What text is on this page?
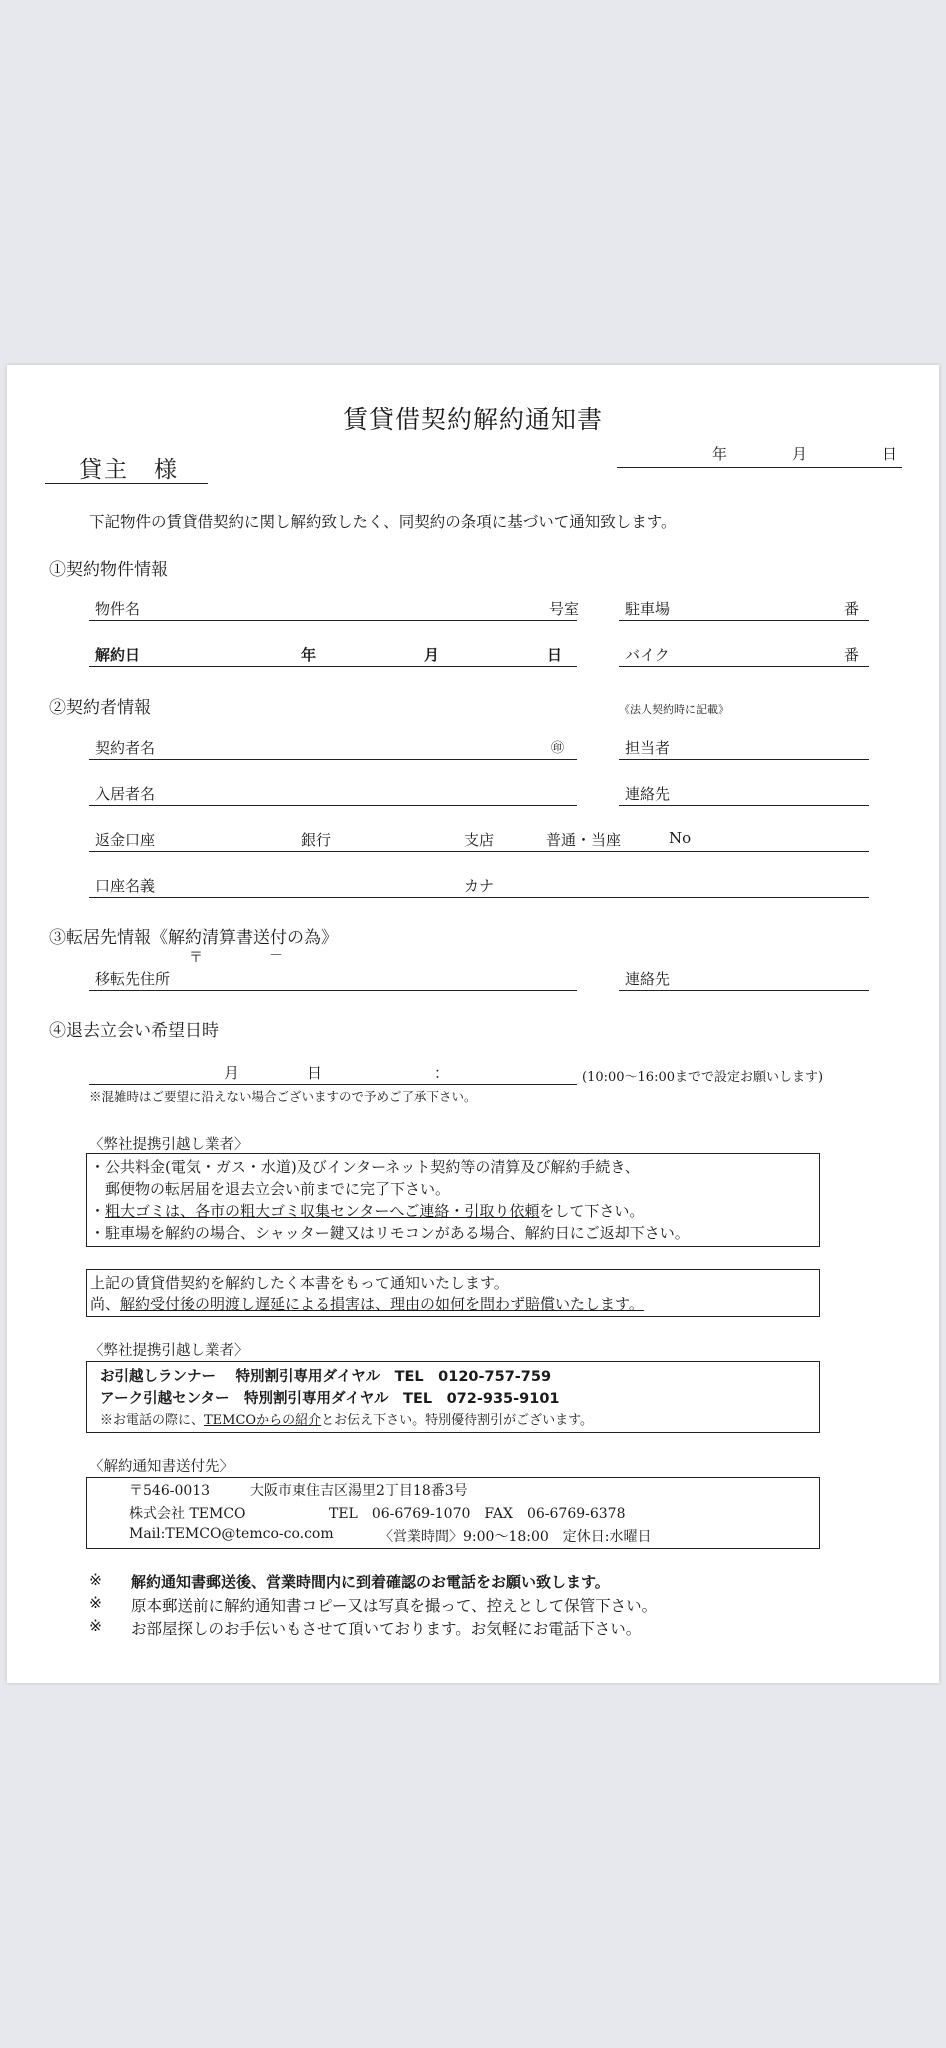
賃貸借契約解約通知書
貸主　様
年	月	日
下記物件の賃貸借契約に関し解約致したく、同契約の条項に基づいて通知致します。
①契約物件情報
物件名	号室	駐車場	番
解約日	年	月	日	バイク	番
②契約者情報	《法人契約時に記載》
契約者名	㊞	担当者
入居者名	連絡先
返金口座	銀行	支店	普通・当座	No
口座名義	カナ
③転居先情報《解約清算書送付の為》
〒	－
移転先住所	連絡先
④退去立会い希望日時
月	日	：	(10:00～16:00までで設定お願いします)
※混雑時はご要望に沿えない場合ございますので予めご了承下さい。
〈弊社提携引越し業者〉
・公共料金(電気・ガス・水道)及びインターネット契約等の清算及び解約手続き、
　郵便物の転居届を退去立会い前までに完了下さい。
・粗大ゴミは、各市の粗大ゴミ収集センターへご連絡・引取り依頼をして下さい。
・駐車場を解約の場合、シャッター鍵又はリモコンがある場合、解約日にご返却下さい。
上記の賃貸借契約を解約したく本書をもって通知いたします。
尚、解約受付後の明渡し遅延による損害は、理由の如何を問わず賠償いたします。
〈弊社提携引越し業者〉
お引越しランナー　 特別割引専用ダイヤル　TEL　0120-757-759
アーク引越センター　特別割引専用ダイヤル　TEL　072-935-9101
※お電話の際に、TEMCOからの紹介とお伝え下さい。特別優待割引がございます。
〈解約通知書送付先〉
〒546-0013	大阪市東住吉区湯里2丁目18番3号
株式会社 TEMCO	TEL　06-6769-1070　FAX　06-6769-6378
Mail:TEMCO@temco-co.com	〈営業時間〉9:00～18:00　定休日:水曜日
※ 解約通知書郵送後、営業時間内に到着確認のお電話をお願い致します。
※ 原本郵送前に解約通知書コピー又は写真を撮って、控えとして保管下さい。
※ お部屋探しのお手伝いもさせて頂いております。お気軽にお電話下さい。
